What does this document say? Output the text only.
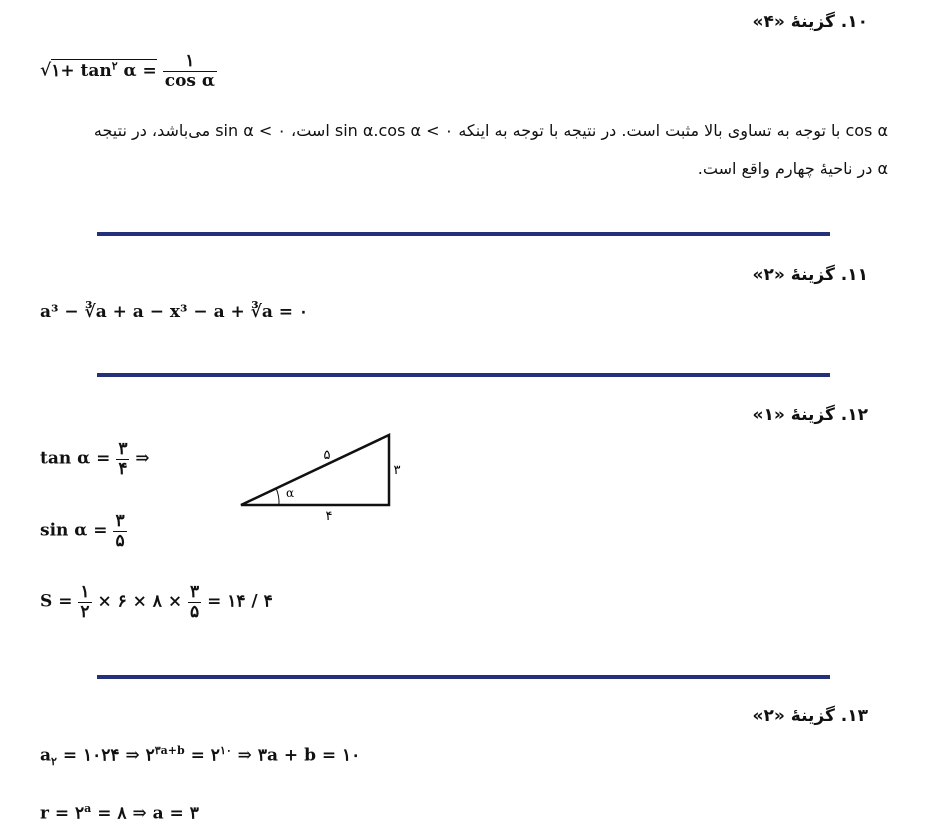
۱۰. گزینهٔ «۴»
√۱+ $\tan^۲ \alpha = \frac{۱}{\text{cos α}}$
cos α با توجه به تساوی بالا مثبت است. در نتیجه با توجه به اینکه sin α.cos α < ۰ است، sin α < ۰ می‌باشد، در نتیجه
α در ناحیهٔ چهارم واقع است.
۱۱. گزینهٔ «۲»
a³ − ∛a + a − x³ − a + ∛a = ۰
۱۲. گزینهٔ «۱»
$\tan \alpha = \frac{۳}{۴}$ ⇒
$\sin \alpha = \frac{۳}{۵}$
$S = \frac{۱}{۲}$ × ۶ × ۸ × $\frac{۳}{۵}$ = ۱۴ / ۴
۵
۳
۴
α
۱۳. گزینهٔ «۲»
$a_۲$ = ۱۰۲۴ ⇒ $۲^{۳a+b}$ = $۲^{۱۰}$ ⇒ ۳a + b = ۱۰
$r = ۲^a$ = ۸ ⇒ a = ۳
